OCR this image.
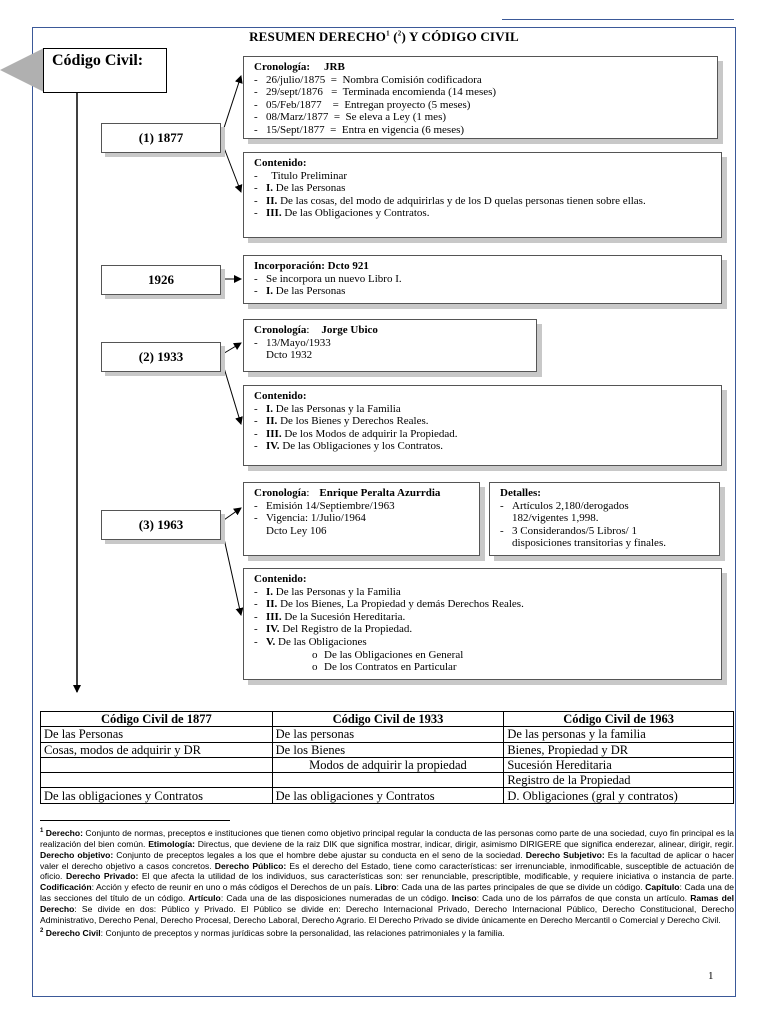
RESUMEN DERECHO$^1$ ($^2$) Y CÓDIGO CIVIL
Código Civil:
(1) 1877
1926
(2) 1933
(3) 1963
Cronología: JRB
- 26/julio/1875  =  Nombra Comisión codificadora
- 29/sept/1876   =  Terminada encomienda (14 meses)
- 05/Feb/1877    =  Entregan proyecto (5 meses)
- 08/Marz/1877  =  Se eleva a Ley (1 mes)
- 15/Sept/1877  =  Entra en vigencia (6 meses)
Contenido:
-   Titulo Preliminar
- I. De las Personas
- II. De las cosas, del modo de adquirirlas y de los D quelas personas tienen sobre ellas.
- III. De las Obligaciones y Contratos.
Incorporación: Dcto 921
- Se incorpora un nuevo Libro I.
- I. De las Personas
Cronología: Jorge Ubico
- 13/Mayo/1933
Dcto 1932
Contenido:
- I. De las Personas y la Familia
- II. De los Bienes y Derechos Reales.
- III. De los Modos de adquirir la Propiedad.
- IV. De las Obligaciones y los Contratos.
Cronología: Enrique Peralta Azurrdia
- Emisión 14/Septiembre/1963
- Vigencia: 1/Julio/1964
Dcto Ley 106
Detalles:
- Artículos 2,180/derogados
182/vigentes 1,998.
- 3 Considerandos/5 Libros/ 1
disposiciones transitorias y finales.
Contenido:
- I. De las Personas y la Familia
- II. De los Bienes, La Propiedad y demás Derechos Reales.
- III. De la Sucesión Hereditaria.
- IV. Del Registro de la Propiedad.
- V. De las Obligaciones
o De las Obligaciones en General
o De los Contratos en Particular
Código Civil de 1877	Código Civil de 1933	Código Civil de 1963
De las Personas	De las personas	De las personas y la familia
Cosas, modos de adquirir y DR	De los Bienes	Bienes, Propiedad y DR
	Modos de adquirir la propiedad	Sucesión Hereditaria
		Registro de la Propiedad
De las obligaciones y Contratos	De las obligaciones y Contratos	D. Obligaciones (gral y contratos)

$^1$ Derecho: Conjunto de normas, preceptos e instituciones que tienen como objetivo principal regular la conducta de las personas como parte de una sociedad, cuyo fin principal es la realización del bien común. Etimología: Directus, que deviene de la raiz DIK que significa mostrar, indicar, dirigir, asimismo DIRIGERE que significa enderezar, alinear, dirigir, regir. Derecho objetivo: Conjunto de preceptos legales a los que el hombre debe ajustar su conducta en el seno de la sociedad. Derecho Subjetivo: Es la facultad de aplicar o hacer valer el derecho objetivo a casos concretos. Derecho Público: Es el derecho del Estado, tiene como características: ser irrenunciable, inmodificable, susceptible de actuación de oficio. Derecho Privado: El que afecta la utilidad de los individuos, sus características son: ser renunciable, prescriptible, modificable, y requiere iniciativa o instancia de parte. Codificación: Acción y efecto de reunir en uno o más códigos el Derechos de un país. Libro: Cada una de las partes principales de que se divide un código. Capítulo: Cada una de las secciones del título de un código. Artículo: Cada una de las disposiciones numeradas de un código. Inciso: Cada uno de los párrafos de que consta un artículo. Ramas del Derecho: Se divide en dos: Público y Privado. El Público se divide en: Derecho Internacional Privado, Derecho Internacional Público, Derecho Constitucional, Derecho Administrativo, Derecho Penal, Derecho Procesal, Derecho Laboral, Derecho Agrario. El Derecho Privado se divide únicamente en Derecho Mercantil o Comercial y Derecho Civil.

$^2$ Derecho Civil: Conjunto de preceptos y normas jurídicas sobre la personalidad, las relaciones patrimoniales y la familia.

1
